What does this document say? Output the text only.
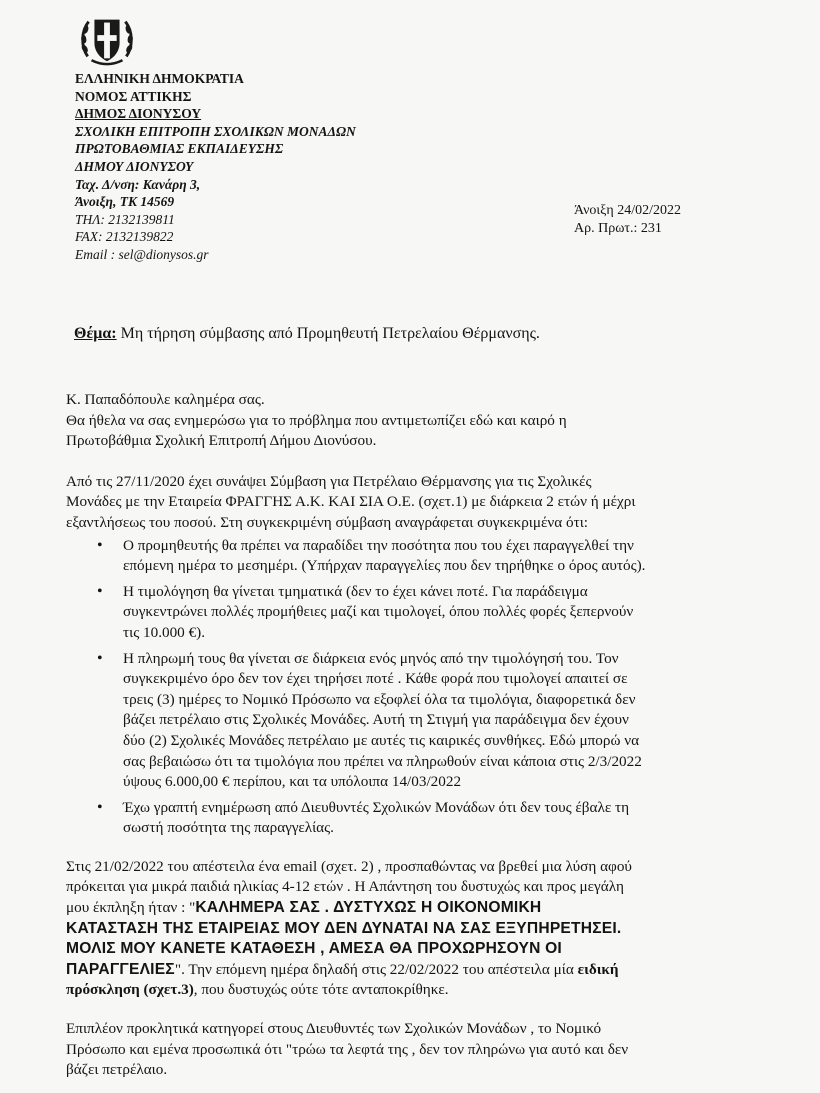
ΕΛΛΗΝΙΚΗ ΔΗΜΟΚΡΑΤΙΑ
ΝΟΜΟΣ ΑΤΤΙΚΗΣ
ΔΗΜΟΣ ΔΙΟΝΥΣΟΥ
ΣΧΟΛΙΚΗ ΕΠΙΤΡΟΠΗ ΣΧΟΛΙΚΩΝ ΜΟΝΑΔΩΝ
ΠΡΩΤΟΒΑΘΜΙΑΣ ΕΚΠΑΙΔΕΥΣΗΣ
ΔΗΜΟΥ ΔΙΟΝΥΣΟΥ
Ταχ. Δ/νση: Κανάρη 3,
Άνοιξη, ΤΚ 14569
ΤΗΛ: 2132139811
FAX: 2132139822
Email : sel@dionysos.gr
Άνοιξη 24/02/2022
Αρ. Πρωτ.: 231
Θέμα: Μη τήρηση σύμβασης από Προμηθευτή Πετρελαίου Θέρμανσης.

Κ. Παπαδόπουλε καλημέρα σας.
Θα ήθελα να σας ενημερώσω για το πρόβλημα που αντιμετωπίζει εδώ και καιρό η
Πρωτοβάθμια Σχολική Επιτροπή Δήμου Διονύσου.

Από τις 27/11/2020 έχει συνάψει Σύμβαση για Πετρέλαιο Θέρμανσης για τις Σχολικές
Μονάδες με την Εταιρεία ΦΡΑΓΓΗΣ Α.Κ. ΚΑΙ ΣΙΑ Ο.Ε. (σχετ.1) με διάρκεια 2 ετών ή μέχρι
εξαντλήσεως του ποσού. Στη συγκεκριμένη σύμβαση αναγράφεται συγκεκριμένα ότι:

• Ο προμηθευτής θα πρέπει να παραδίδει την ποσότητα που του έχει παραγγελθεί την
επόμενη ημέρα το μεσημέρι. (Υπήρχαν παραγγελίες που δεν τηρήθηκε ο όρος αυτός).
• Η τιμολόγηση θα γίνεται τμηματικά (δεν το έχει κάνει ποτέ. Για παράδειγμα
συγκεντρώνει πολλές προμήθειες μαζί και τιμολογεί, όπου πολλές φορές ξεπερνούν
τις 10.000 €).
• Η πληρωμή τους θα γίνεται σε διάρκεια ενός μηνός από την τιμολόγησή του. Τον
συγκεκριμένο όρο δεν τον έχει τηρήσει ποτέ . Κάθε φορά που τιμολογεί απαιτεί σε
τρεις (3) ημέρες το Νομικό Πρόσωπο να εξοφλεί όλα τα τιμολόγια, διαφορετικά δεν
βάζει πετρέλαιο στις Σχολικές Μονάδες. Αυτή τη Στιγμή για παράδειγμα δεν έχουν
δύο (2) Σχολικές Μονάδες πετρέλαιο με αυτές τις καιρικές συνθήκες. Εδώ μπορώ να
σας βεβαιώσω ότι τα τιμολόγια που πρέπει να πληρωθούν είναι κάποια στις 2/3/2022
ύψους 6.000,00 € περίπου, και τα υπόλοιπα 14/03/2022
• Έχω γραπτή ενημέρωση από Διευθυντές Σχολικών Μονάδων ότι δεν τους έβαλε τη
σωστή ποσότητα της παραγγελίας.

Στις 21/02/2022 του απέστειλα ένα email (σχετ. 2) , προσπαθώντας να βρεθεί μια λύση αφού
πρόκειται για μικρά παιδιά ηλικίας 4-12 ετών . Η Απάντηση του δυστυχώς και προς μεγάλη
μου έκπληξη ήταν : "ΚΑΛΗΜΕΡΑ ΣΑΣ . ΔΥΣΤΥΧΩΣ Η ΟΙΚΟΝΟΜΙΚΗ
ΚΑΤΑΣΤΑΣΗ ΤΗΣ ΕΤΑΙΡΕΙΑΣ ΜΟΥ ΔΕΝ ΔΥΝΑΤΑΙ ΝΑ ΣΑΣ ΕΞΥΠΗΡΕΤΗΣΕΙ.
ΜΟΛΙΣ ΜΟΥ ΚΑΝΕΤΕ ΚΑΤΑΘΕΣΗ , ΑΜΕΣΑ ΘΑ ΠΡΟΧΩΡΗΣΟΥΝ ΟΙ
ΠΑΡΑΓΓΕΛΙΕΣ". Την επόμενη ημέρα δηλαδή στις 22/02/2022 του απέστειλα μία ειδική
πρόσκληση (σχετ.3), που δυστυχώς ούτε τότε ανταποκρίθηκε.

Επιπλέον προκλητικά κατηγορεί στους Διευθυντές των Σχολικών Μονάδων , το Νομικό
Πρόσωπο και εμένα προσωπικά ότι "τρώω τα λεφτά της , δεν τον πληρώνω για αυτό και δεν
βάζει πετρέλαιο.
